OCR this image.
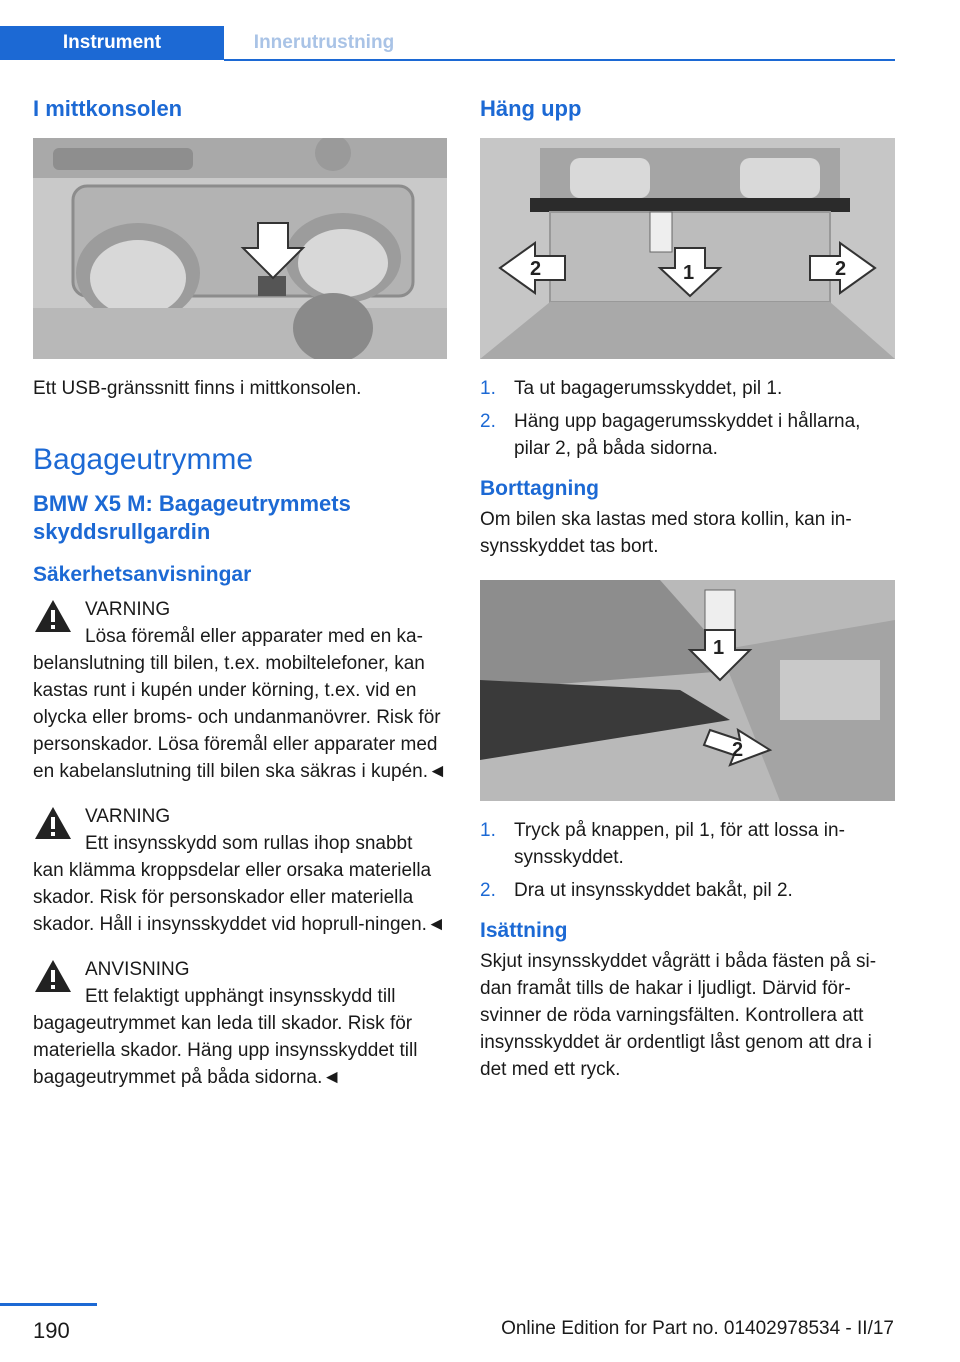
Instrument	Innerutrustning
I mittkonsolen

Ett USB-gränssnitt finns i mittkonsolen.

Bagageutrymme
BMW X5 M: Bagageutrymmets skyddsrullgardin
Säkerhetsanvisningar
VARNING

Lösa föremål eller apparater med en ka-

belanslutning till bilen, t.ex. mobiltelefoner, kan kastas runt i kupén under körning, t.ex. vid en olycka eller broms- och undanmanövrer. Risk för personskador. Lösa föremål eller apparater med en kabelanslutning till bilen ska säkras i kupén.◄

VARNING

Ett insynsskydd som rullas ihop snabbt

kan klämma kroppsdelar eller orsaka materiella skador. Risk för personskador eller materiella skador. Håll i insynsskyddet vid hoprull-ningen.◄

ANVISNING

Ett felaktigt upphängt insynsskydd till

bagageutrymmet kan leda till skador. Risk för materiella skador. Häng upp insynsskyddet till bagageutrymmet på båda sidorna.◄

Häng upp
2	1	2
1. Ta ut bagagerumsskyddet, pil 1.
2. Häng upp bagagerumsskyddet i hållarna, pilar 2, på båda sidorna.
Borttagning

Om bilen ska lastas med stora kollin, kan in-synsskyddet tas bort.

1
2
1. Tryck på knappen, pil 1, för att lossa in-synsskyddet.
2. Dra ut insynsskyddet bakåt, pil 2.
Isättning

Skjut insynsskyddet vågrätt i båda fästen på si-dan framåt tills de hakar i ljudligt. Därvid för-svinner de röda varningsfälten. Kontrollera att insynsskyddet är ordentligt låst genom att dra i det med ett ryck.

190	Online Edition for Part no. 01402978534 - II/17
